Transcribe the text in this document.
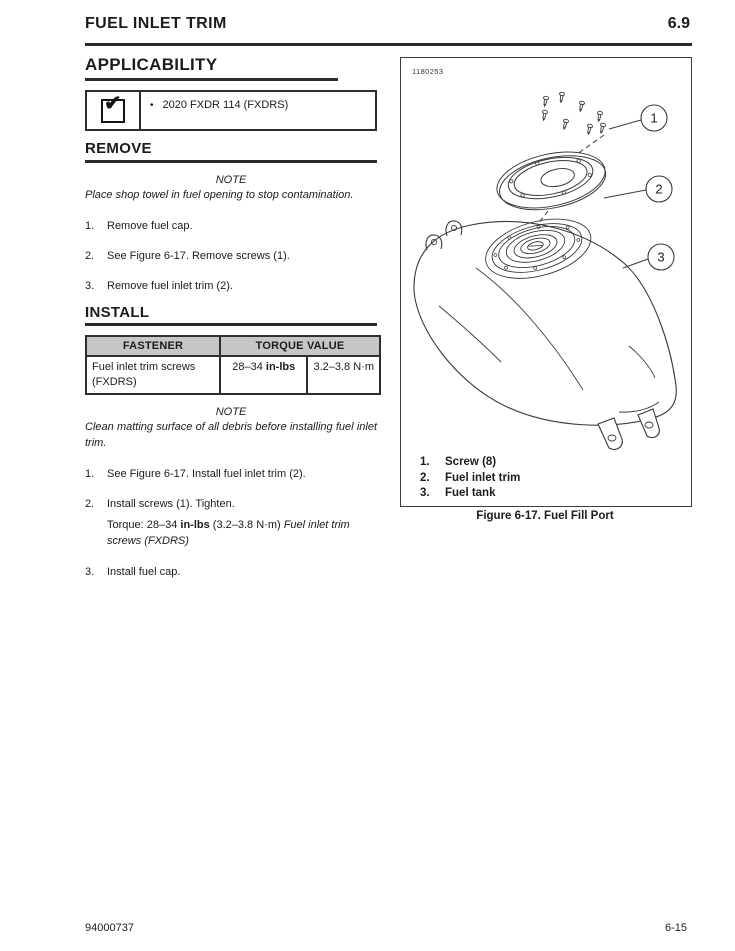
FUEL INLET TRIM	6.9
APPLICABILITY
✔	• 2020 FXDR 114 (FXDRS)
REMOVE
NOTE
Place shop towel in fuel opening to stop contamination.
1.	Remove fuel cap.
2.	See Figure 6-17. Remove screws (1).
3.	Remove fuel inlet trim (2).
INSTALL
FASTENER	TORQUE VALUE	
Fuel inlet trim screws (FXDRS)	28–34 in-lbs	3.2–3.8 N·m
NOTE
Clean matting surface of all debris before installing fuel inlet trim.
1.	See Figure 6-17. Install fuel inlet trim (2).
2.	Install screws (1). Tighten.
Torque: 28–34 in-lbs (3.2–3.8 N·m) Fuel inlet trim screws (FXDRS)
3.	Install fuel cap.
1
2
3
1180253
1.	Screw (8)
2.	Fuel inlet trim
3.	Fuel tank
Figure 6-17. Fuel Fill Port
94000737	6-15
